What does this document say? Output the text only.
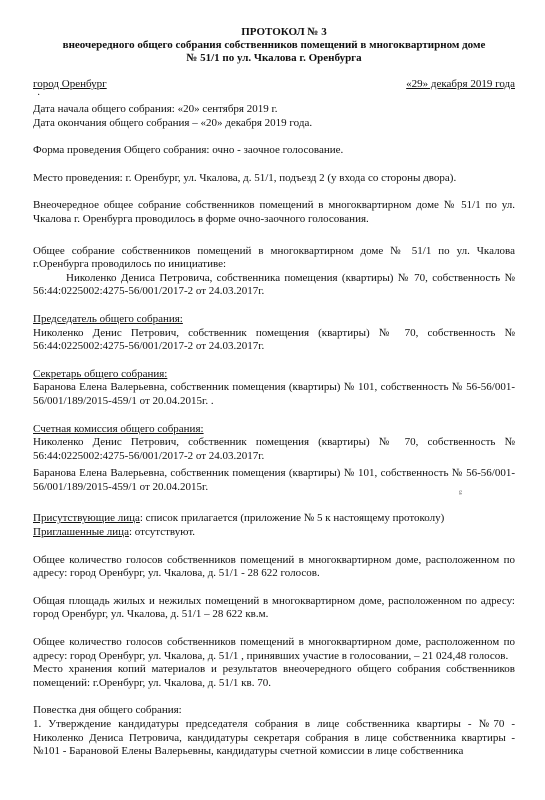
ПРОТОКОЛ № 3
внеочередного общего собрания собственников помещений в многоквартирном доме
№ 51/1 по ул. Чкалова г. Оренбурга
город Оренбург	«29» декабря 2019 года
·

Дата начала общего собрания: «20» сентября 2019 г.

Дата окончания общего собрания – «20» декабря 2019 года.

Форма проведения Общего собрания: очно - заочное голосование.

Место проведения: г. Оренбург, ул. Чкалова, д. 51/1, подъезд 2 (у входа со стороны двора).

Внеочередное общее собрание собственников помещений в многоквартирном доме № 51/1 по ул. Чкалова г. Оренбурга проводилось в форме очно-заочного голосования.

Общее собрание собственников помещений в многоквартирном доме № 51/1 по ул. Чкалова г.Оренбурга проводилось по инициативе:

Николенко Дениса Петровича, собственника помещения (квартиры) № 70, собственность № 56:44:0225002:4275-56/001/2017-2 от 24.03.2017г.

Председатель общего собрания:

Николенко Денис Петрович, собственник помещения (квартиры) № 70, собственность № 56:44:0225002:4275-56/001/2017-2 от 24.03.2017г.

Секретарь общего собрания:

Баранова Елена Валерьевна, собственник помещения (квартиры) № 101, собственность № 56-56/001-56/001/189/2015-459/1 от 20.04.2015г. .

Счетная комиссия общего собрания:

Николенко Денис Петрович, собственник помещения (квартиры) № 70, собственность № 56:44:0225002:4275-56/001/2017-2 от 24.03.2017г.

Баранова Елена Валерьевна, собственник помещения (квартиры) № 101, собственность № 56-56/001-56/001/189/2015-459/1 от 20.04.2015г.

Присутствующие лица: список прилагается (приложение № 5 к настоящему протоколу)

Приглашенные лица: отсутствуют.

Общее количество голосов собственников помещений в многоквартирном доме, расположенном по адресу: город Оренбург, ул. Чкалова, д. 51/1 - 28 622 голосов.

Общая площадь жилых и нежилых помещений в многоквартирном доме, расположенном по адресу: город Оренбург, ул. Чкалова, д. 51/1 – 28 622 кв.м.

Общее количество голосов собственников помещений в многоквартирном доме, расположенном по адресу: город Оренбург, ул. Чкалова, д. 51/1 , принявших участие в голосовании, – 21 024,48 голосов.

Место хранения копий материалов и результатов внеочередного общего собрания собственников помещений: г.Оренбург, ул. Чкалова, д. 51/1 кв. 70.

Повестка дня общего собрания:

1. Утверждение кандидатуры председателя собрания в лице собственника квартиры - №70 - Николенко Дениса Петровича, кандидатуры секретаря собрания в лице собственника квартиры - №101 - Барановой Елены Валерьевны, кандидатуры счетной комиссии в лице собственника

ᵍ
